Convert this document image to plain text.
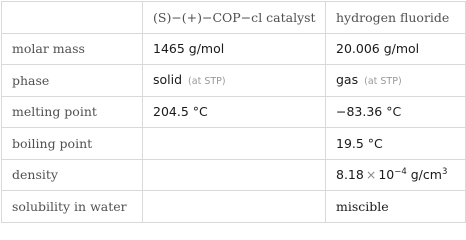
	(S)−(+)−COP−cl catalyst	hydrogen fluoride
molar mass	1465 g/mol	20.006 g/mol
phase	solid (at STP)	gas (at STP)
melting point	204.5 °C	−83.36 °C
boiling point		19.5 °C
density		$8.18 \times 10^{-4}$ $g/cm^3$
solubility in water		miscible
